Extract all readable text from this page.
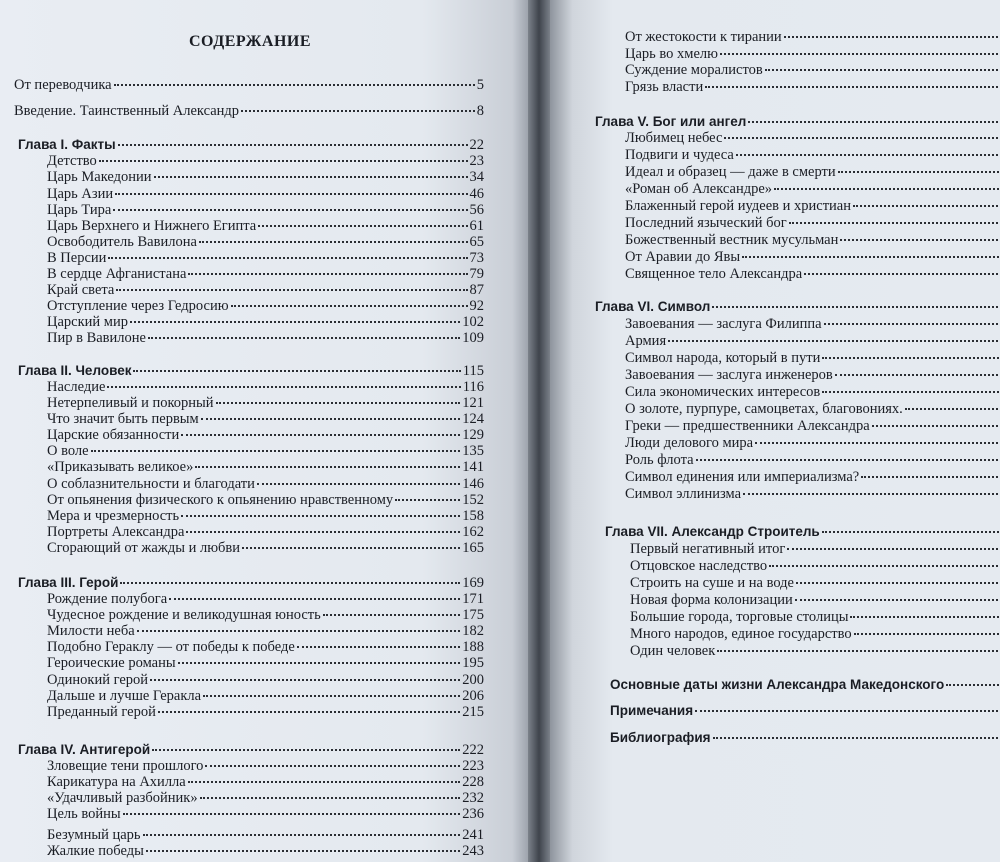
СОДЕРЖАНИЕ
От переводчика	5
Введение. Таинственный Александр	8
Глава I. Факты	22
Детство	23
Царь Македонии	34
Царь Азии	46
Царь Тира	56
Царь Верхнего и Нижнего Египта	61
Освободитель Вавилона	65
В Персии	73
В сердце Афганистана	79
Край света	87
Отступление через Гедросию	92
Царский мир	102
Пир в Вавилоне	109
Глава II. Человек	115
Наследие	116
Нетерпеливый и покорный	121
Что значит быть первым	124
Царские обязанности	129
О воле	135
«Приказывать великое»	141
О соблазнительности и благодати	146
От опьянения физического к опьянению нравственному	152
Мера и чрезмерность	158
Портреты Александра	162
Сгорающий от жажды и любви	165
Глава III. Герой	169
Рождение полубога	171
Чудесное рождение и великодушная юность	175
Милости неба	182
Подобно Гераклу — от победы к победе	188
Героические романы	195
Одинокий герой	200
Дальше и лучше Геракла	206
Преданный герой	215
Глава IV. Антигерой	222
Зловещие тени прошлого	223
Карикатура на Ахилла	228
«Удачливый разбойник»	232
Цель войны	236
Безумный царь	241
Жалкие победы	243
От жестокости к тирании
Царь во хмелю
Суждение моралистов
Грязь власти
Глава V. Бог или ангел
Любимец небес
Подвиги и чудеса
Идеал и образец — даже в смерти
«Роман об Александре»
Блаженный герой иудеев и христиан
Последний языческий бог
Божественный вестник мусульман
От Аравии до Явы
Священное тело Александра
Глава VI. Символ
Завоевания — заслуга Филиппа
Армия
Символ народа, который в пути
Завоевания — заслуга инженеров
Сила экономических интересов
О золоте, пурпуре, самоцветах, благовониях.
Греки — предшественники Александра
Люди делового мира
Роль флота
Символ единения или империализма?
Символ эллинизма
Глава VII. Александр Строитель
Первый негативный итог
Отцовское наследство
Строить на суше и на воде
Новая форма колонизации
Большие города, торговые столицы
Много народов, единое государство
Один человек
Основные даты жизни Александра Македонского
Примечания
Библиография
